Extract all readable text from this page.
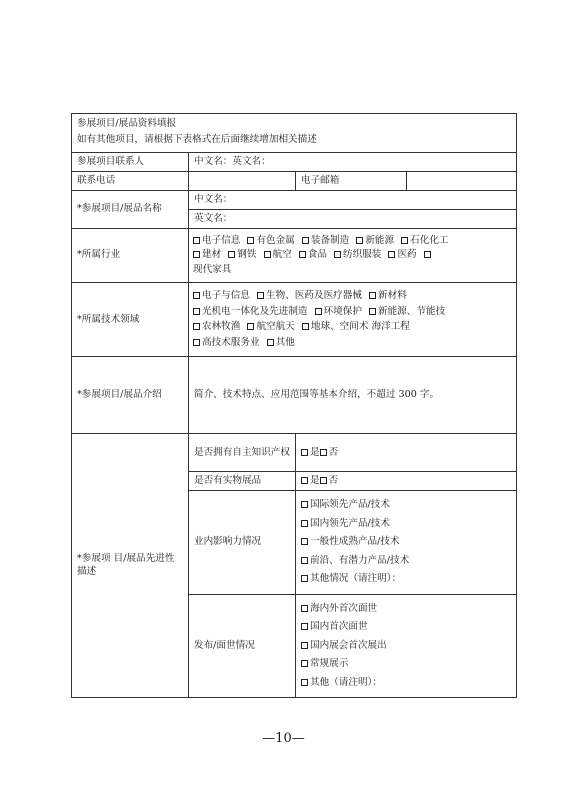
参展项目/展品资料填报
如有其他项目，请根据下表格式在后面继续增加相关描述			

参展项目联系人	中文名：英文名：		
联系电话		电子邮箱	
*参展项目/展品名称	中文名：		
	英文名：		
*所属行业	电子信息 有色金属 装备制造 新能源 石化化工
建材 钢铁 航空 食品 纺织服装 医药
现代家具		

*所属技术领域	电子与信息 生物、医药及医疗器械 新材料
光机电一体化及先进制造 环境保护 新能源、节能技
农林牧渔 航空航天 地球、空间术 海洋工程
高技术服务业 其他		

*参展项目/展品介绍	简介、技术特点、应用范围等基本介绍，不超过 300 字。		
*参展项 目/展品先进性描述	是否拥有自主知识产权	是 否	
	是否有实物展品	是 否	
	业内影响力情况	国际领先产品/技术
国内领先产品/技术
一般性成熟产品/技术
前沿、有潜力产品/技术
其他情况（请注明）：	

	发布/面世情况	海内外首次面世
国内首次面世
国内展会首次展出
常规展示
其他（请注明）：	
—10—
